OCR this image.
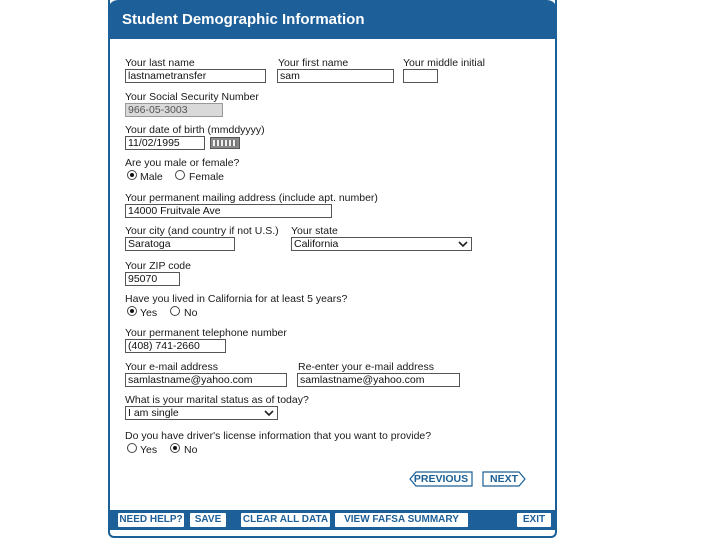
Student Demographic Information
Your last name
lastnametransfer
Your first name
sam
Your middle initial
Your Social Security Number
966-05-3003
Your date of birth (mmddyyyy)
11/02/1995
Are you male or female?
Male Female
Your permanent mailing address (include apt. number)
14000 Fruitvale Ave
Your city (and country if not U.S.)
Saratoga
Your state
California
Your ZIP code
95070
Have you lived in California for at least 5 years?
Yes	No
Your permanent telephone number
(408) 741-2660
Your e-mail address
samlastname@yahoo.com
Re-enter your e-mail address
samlastname@yahoo.com
What is your marital status as of today?
I am single
Do you have driver's license information that you want to provide?
Yes	No
PREVIOUS	NEXT
NEED HELP?	SAVE	CLEAR ALL DATA	VIEW FAFSA SUMMARY	EXIT
